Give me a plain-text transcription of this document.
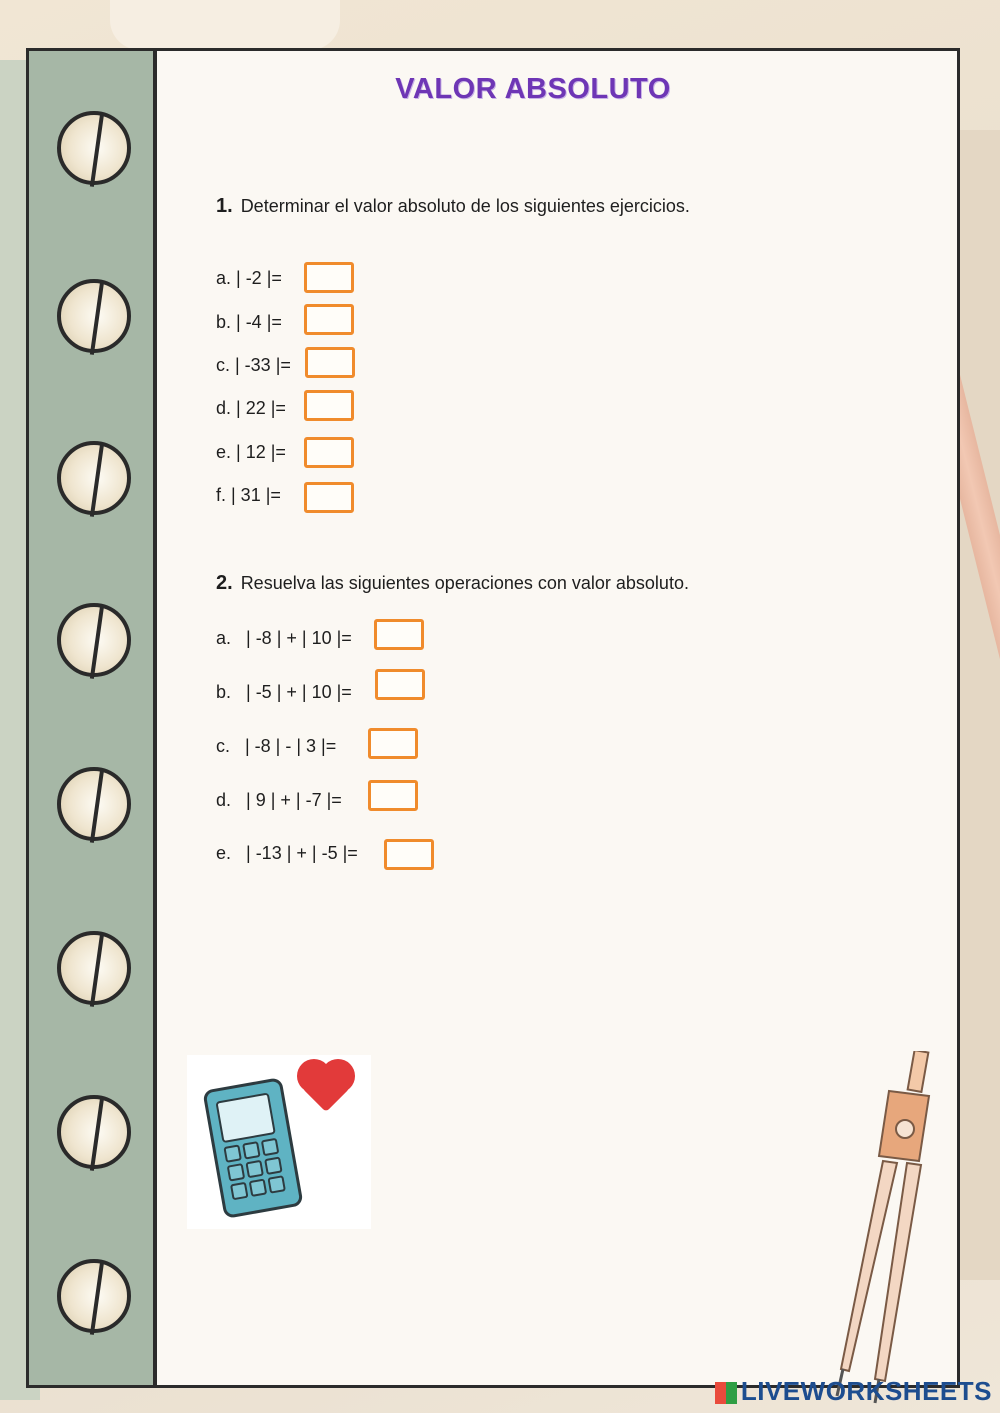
VALOR ABSOLUTO
1. Determinar el valor absoluto de los siguientes ejercicios.
a. | -2 |=
b. | -4 |=
c. | -33 |=
d. | 22 |=
e. | 12 |=
f. | 31 |=
2. Resuelva las siguientes operaciones con valor absoluto.
a.   | -8 | + | 10 |=
b.   | -5 | + | 10 |=
c.   | -8 | - | 3 |=
d.   | 9 | + | -7 |=
e.   | -13 | + | -5 |=
LIVEWORKSHEETS
